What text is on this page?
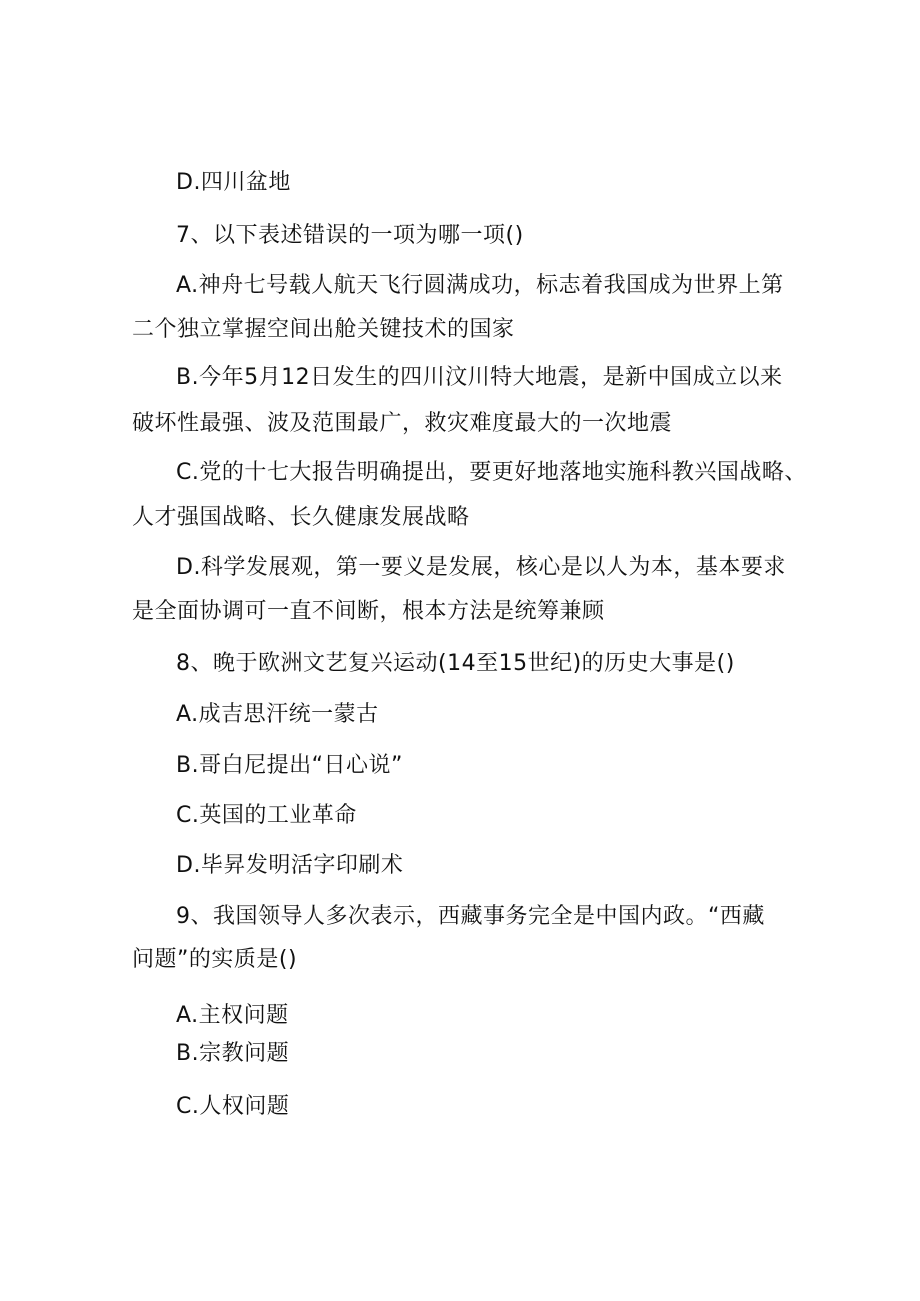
D.四川盆地
7、以下表述错误的一项为哪一项()
A.神舟七号载人航天飞行圆满成功，标志着我国成为世界上第
二个独立掌握空间出舱关键技术的国家
B.今年5月12日发生的四川汶川特大地震，是新中国成立以来
破坏性最强、波及范围最广，救灾难度最大的一次地震
C.党的十七大报告明确提出，要更好地落地实施科教兴国战略、
人才强国战略、长久健康发展战略
D.科学发展观，第一要义是发展，核心是以人为本，基本要求
是全面协调可一直不间断，根本方法是统筹兼顾
8、晚于欧洲文艺复兴运动(14至15世纪)的历史大事是()
A.成吉思汗统一蒙古
B.哥白尼提出“日心说”
C.英国的工业革命
D.毕昇发明活字印刷术
9、我国领导人多次表示，西藏事务完全是中国内政。“西藏
问题”的实质是()
A.主权问题
B.宗教问题
C.人权问题
